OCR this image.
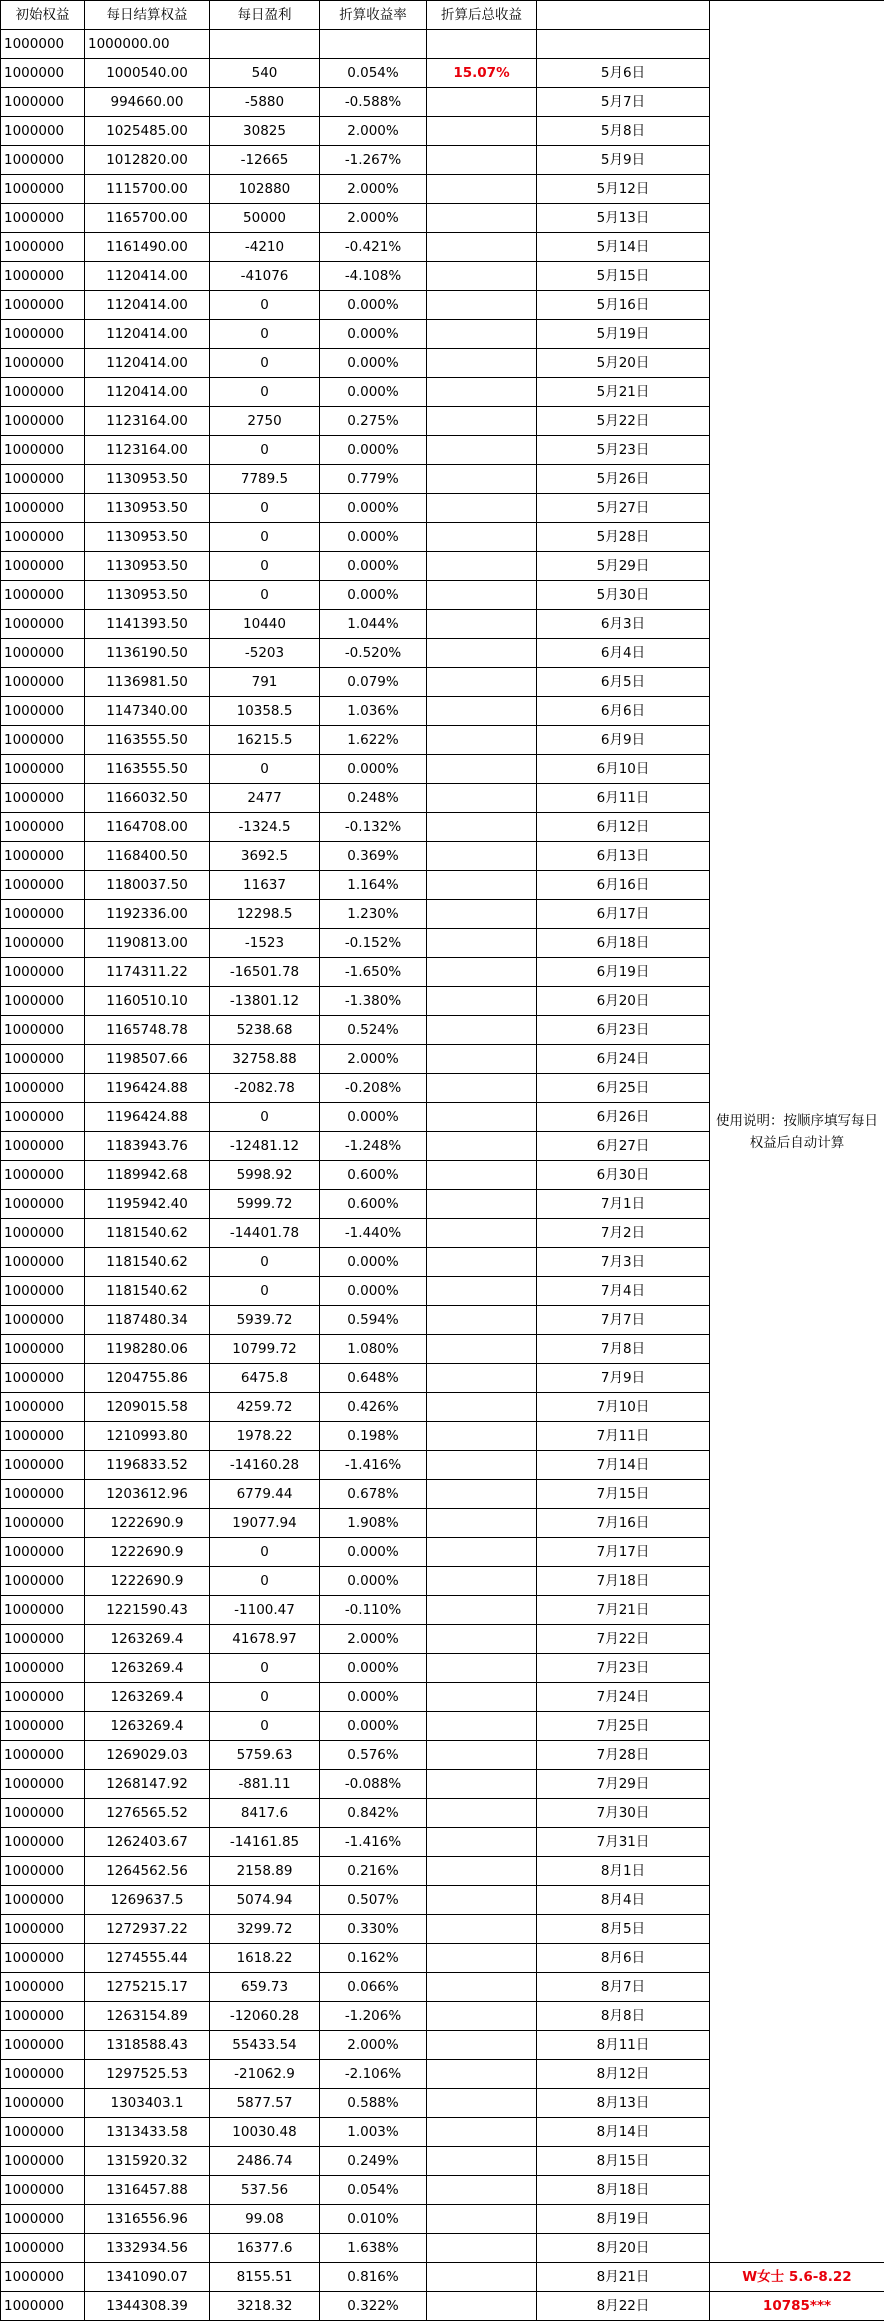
初始权益	每日结算权益	每日盈利	折算收益率	折算后总收益		使用说明：按顺序填写每日权益后自动计算
1000000	1000000.00					
1000000	1000540.00	540	0.054%	15.07%	5月6日	
1000000	994660.00	-5880	-0.588%		5月7日	
1000000	1025485.00	30825	2.000%		5月8日	
1000000	1012820.00	-12665	-1.267%		5月9日	
1000000	1115700.00	102880	2.000%		5月12日	
1000000	1165700.00	50000	2.000%		5月13日	
1000000	1161490.00	-4210	-0.421%		5月14日	
1000000	1120414.00	-41076	-4.108%		5月15日	
1000000	1120414.00	0	0.000%		5月16日	
1000000	1120414.00	0	0.000%		5月19日	
1000000	1120414.00	0	0.000%		5月20日	
1000000	1120414.00	0	0.000%		5月21日	
1000000	1123164.00	2750	0.275%		5月22日	
1000000	1123164.00	0	0.000%		5月23日	
1000000	1130953.50	7789.5	0.779%		5月26日	
1000000	1130953.50	0	0.000%		5月27日	
1000000	1130953.50	0	0.000%		5月28日	
1000000	1130953.50	0	0.000%		5月29日	
1000000	1130953.50	0	0.000%		5月30日	
1000000	1141393.50	10440	1.044%		6月3日	
1000000	1136190.50	-5203	-0.520%		6月4日	
1000000	1136981.50	791	0.079%		6月5日	
1000000	1147340.00	10358.5	1.036%		6月6日	
1000000	1163555.50	16215.5	1.622%		6月9日	
1000000	1163555.50	0	0.000%		6月10日	
1000000	1166032.50	2477	0.248%		6月11日	
1000000	1164708.00	-1324.5	-0.132%		6月12日	
1000000	1168400.50	3692.5	0.369%		6月13日	
1000000	1180037.50	11637	1.164%		6月16日	
1000000	1192336.00	12298.5	1.230%		6月17日	
1000000	1190813.00	-1523	-0.152%		6月18日	
1000000	1174311.22	-16501.78	-1.650%		6月19日	
1000000	1160510.10	-13801.12	-1.380%		6月20日	
1000000	1165748.78	5238.68	0.524%		6月23日	
1000000	1198507.66	32758.88	2.000%		6月24日	
1000000	1196424.88	-2082.78	-0.208%		6月25日	
1000000	1196424.88	0	0.000%		6月26日	
1000000	1183943.76	-12481.12	-1.248%		6月27日	
1000000	1189942.68	5998.92	0.600%		6月30日	
1000000	1195942.40	5999.72	0.600%		7月1日	
1000000	1181540.62	-14401.78	-1.440%		7月2日	
1000000	1181540.62	0	0.000%		7月3日	
1000000	1181540.62	0	0.000%		7月4日	
1000000	1187480.34	5939.72	0.594%		7月7日	
1000000	1198280.06	10799.72	1.080%		7月8日	
1000000	1204755.86	6475.8	0.648%		7月9日	
1000000	1209015.58	4259.72	0.426%		7月10日	
1000000	1210993.80	1978.22	0.198%		7月11日	
1000000	1196833.52	-14160.28	-1.416%		7月14日	
1000000	1203612.96	6779.44	0.678%		7月15日	
1000000	1222690.9	19077.94	1.908%		7月16日	
1000000	1222690.9	0	0.000%		7月17日	
1000000	1222690.9	0	0.000%		7月18日	
1000000	1221590.43	-1100.47	-0.110%		7月21日	
1000000	1263269.4	41678.97	2.000%		7月22日	
1000000	1263269.4	0	0.000%		7月23日	
1000000	1263269.4	0	0.000%		7月24日	
1000000	1263269.4	0	0.000%		7月25日	
1000000	1269029.03	5759.63	0.576%		7月28日	
1000000	1268147.92	-881.11	-0.088%		7月29日	
1000000	1276565.52	8417.6	0.842%		7月30日	
1000000	1262403.67	-14161.85	-1.416%		7月31日	
1000000	1264562.56	2158.89	0.216%		8月1日	
1000000	1269637.5	5074.94	0.507%		8月4日	
1000000	1272937.22	3299.72	0.330%		8月5日	
1000000	1274555.44	1618.22	0.162%		8月6日	
1000000	1275215.17	659.73	0.066%		8月7日	
1000000	1263154.89	-12060.28	-1.206%		8月8日	
1000000	1318588.43	55433.54	2.000%		8月11日	
1000000	1297525.53	-21062.9	-2.106%		8月12日	
1000000	1303403.1	5877.57	0.588%		8月13日	
1000000	1313433.58	10030.48	1.003%		8月14日	
1000000	1315920.32	2486.74	0.249%		8月15日	
1000000	1316457.88	537.56	0.054%		8月18日	
1000000	1316556.96	99.08	0.010%		8月19日	
1000000	1332934.56	16377.6	1.638%		8月20日	
1000000	1341090.07	8155.51	0.816%		8月21日	W女士 5.6-8.22
1000000	1344308.39	3218.32	0.322%		8月22日	10785***
